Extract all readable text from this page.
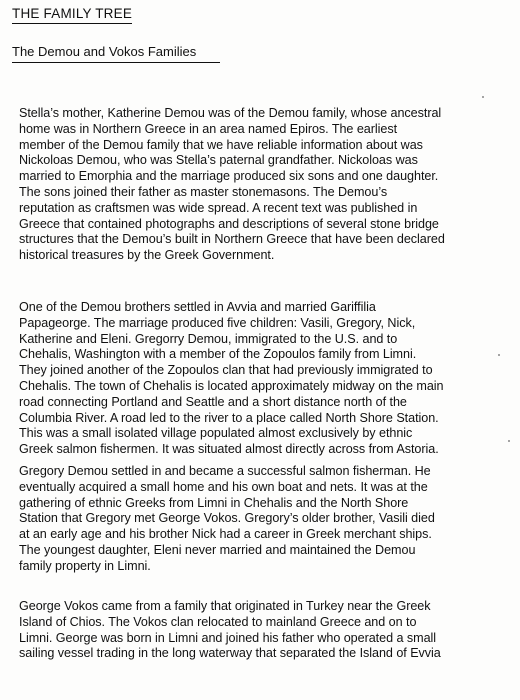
THE FAMILY TREE
The Demou and Vokos Families
Stella’s mother, Katherine Demou was of the Demou family, whose ancestral
home was in Northern Greece in an area named Epiros. The earliest
member of the Demou family that we have reliable information about was
Nickoloas Demou, who was Stella’s paternal grandfather. Nickoloas was
married to Emorphia and the marriage produced six sons and one daughter.
The sons joined their father as master stonemasons. The Demou’s
reputation as craftsmen was wide spread. A recent text was published in
Greece that contained photographs and descriptions of several stone bridge
structures that the Demou’s built in Northern Greece that have been declared
historical treasures by the Greek Government.
One of the Demou brothers settled in Avvia and married Gariffilia
Papageorge. The marriage produced five children: Vasili, Gregory, Nick,
Katherine and Eleni. Gregorry Demou, immigrated to the U.S. and to
Chehalis, Washington with a member of the Zopoulos family from Limni.
They joined another of the Zopoulos clan that had previously immigrated to
Chehalis. The town of Chehalis is located approximately midway on the main
road connecting Portland and Seattle and a short distance north of the
Columbia River. A road led to the river to a place called North Shore Station.
This was a small isolated village populated almost exclusively by ethnic
Greek salmon fishermen. It was situated almost directly across from Astoria.
Gregory Demou settled in and became a successful salmon fisherman. He
eventually acquired a small home and his own boat and nets. It was at the
gathering of ethnic Greeks from Limni in Chehalis and the North Shore
Station that Gregory met George Vokos. Gregory’s older brother, Vasili died
at an early age and his brother Nick had a career in Greek merchant ships.
The youngest daughter, Eleni never married and maintained the Demou
family property in Limni.
George Vokos came from a family that originated in Turkey near the Greek
Island of Chios. The Vokos clan relocated to mainland Greece and on to
Limni. George was born in Limni and joined his father who operated a small
sailing vessel trading in the long waterway that separated the Island of Evvia
